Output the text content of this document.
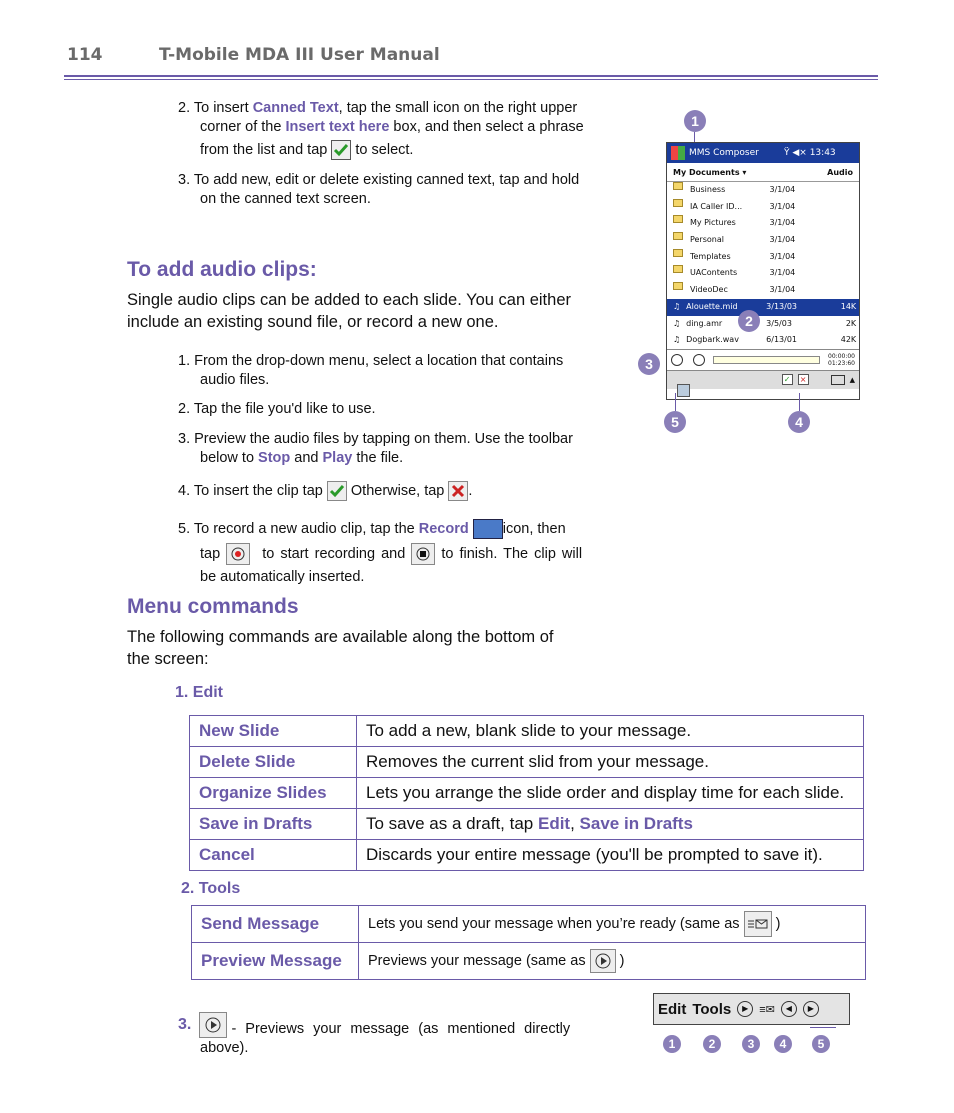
114	T-Mobile MDA III User Manual
2. To insert Canned Text, tap the small icon on the right upper
corner of the Insert text here box, and then select a phrase
from the list and tap to select.
3. To add new, edit or delete existing canned text, tap and hold
on the canned text screen.
To add audio clips:
Single audio clips can be added to each slide. You can either
include an existing sound file, or record a new one.
1. From the drop-down menu, select a location that contains
audio files.
2. Tap the file you'd like to use.
3. Preview the audio files by tapping on them. Use the toolbar
below to Stop and Play the file.
4. To insert the clip tap Otherwise, tap .
5. To record a new audio clip, tap the Record icon, then
tap	to start recording and to finish. The clip will
be automatically inserted.
Menu commands
The following commands are available along the bottom of
the screen:
1. Edit
New Slide	To add a new, blank slide to your message.
Delete Slide	Removes the current slid from your message.
Organize Slides	Lets you arrange the slide order and display time for each slide.
Save in Drafts	To save as a draft, tap Edit, Save in Drafts
Cancel	Discards your entire message (you'll be prompted to save it).
2. Tools
Send Message	Lets you send your message when you’re ready (same as )
Preview Message	Previews your message (same as )
3.

	- Previews your message (as mentioned directly
above).
1
MMS Composer	Ÿ ◀×
13:43
My Documents ▾	Audio
Business	3/1/04
IA Caller ID...	3/1/04
My Pictures	3/1/04
Personal	3/1/04
Templates	3/1/04
UAContents	3/1/04
VideoDec	3/1/04
♫ Alouette.mid	3/13/03	14K
♫ ding.amr	3/5/03	2K
♫ Dogbark.wav	6/13/01	42K
00:00:00
01:23:60
✓ ×	▲
2
3
4
5
Edit Tools	▶ ≡✉	◀	▶
1	2	3	4	5
